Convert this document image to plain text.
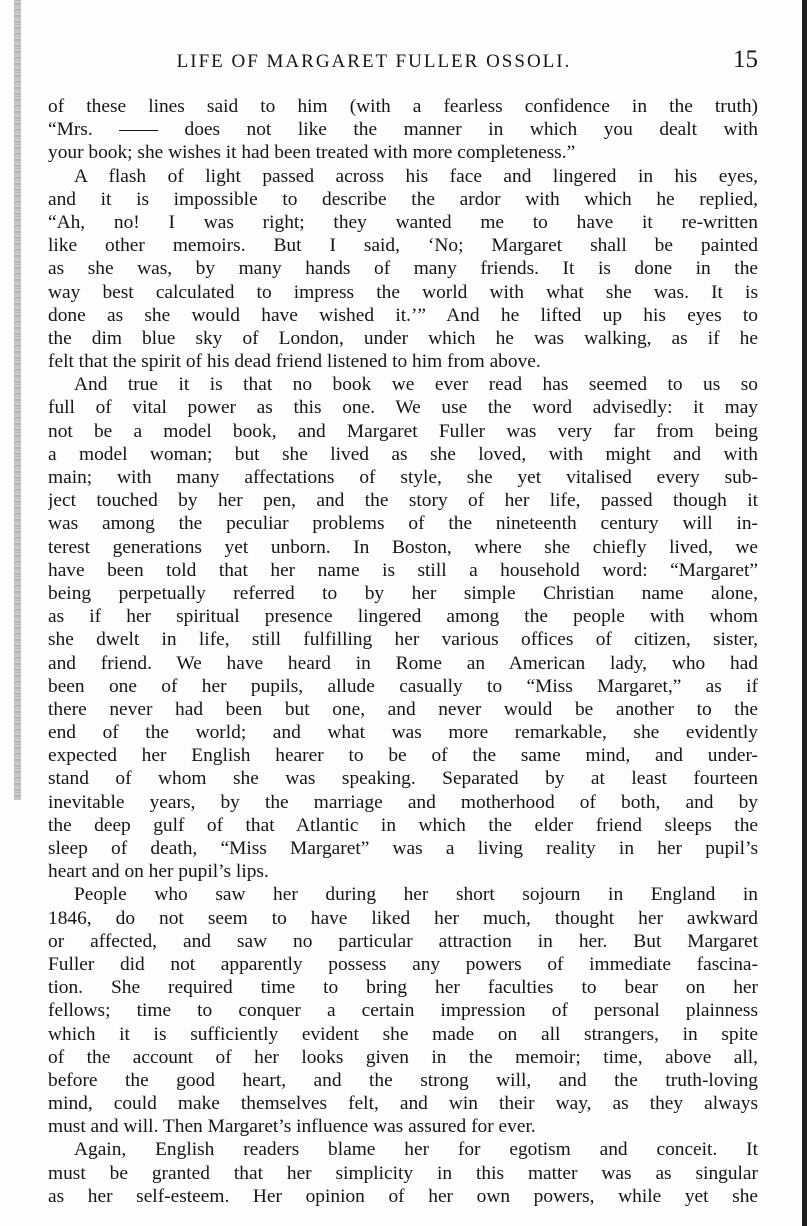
LIFE OF MARGARET FULLER OSSOLI.	15
of these lines said to him (with a fearless confidence in the truth)
“Mrs. —— does not like the manner in which you dealt with
your book; she wishes it had been treated with more completeness.”
A flash of light passed across his face and lingered in his eyes,
and it is impossible to describe the ardor with which he replied,
“Ah, no! I was right; they wanted me to have it re-written
like other memoirs. But I said, ‘No; Margaret shall be painted
as she was, by many hands of many friends. It is done in the
way best calculated to impress the world with what she was. It is
done as she would have wished it.’” And he lifted up his eyes to
the dim blue sky of London, under which he was walking, as if he
felt that the spirit of his dead friend listened to him from above.
And true it is that no book we ever read has seemed to us so
full of vital power as this one. We use the word advisedly: it may
not be a model book, and Margaret Fuller was very far from being
a model woman; but she lived as she loved, with might and with
main; with many affectations of style, she yet vitalised every sub-
ject touched by her pen, and the story of her life, passed though it
was among the peculiar problems of the nineteenth century will in-
terest generations yet unborn. In Boston, where she chiefly lived, we
have been told that her name is still a household word: “Margaret”
being perpetually referred to by her simple Christian name alone,
as if her spiritual presence lingered among the people with whom
she dwelt in life, still fulfilling her various offices of citizen, sister,
and friend. We have heard in Rome an American lady, who had
been one of her pupils, allude casually to “Miss Margaret,” as if
there never had been but one, and never would be another to the
end of the world; and what was more remarkable, she evidently
expected her English hearer to be of the same mind, and under-
stand of whom she was speaking. Separated by at least fourteen
inevitable years, by the marriage and motherhood of both, and by
the deep gulf of that Atlantic in which the elder friend sleeps the
sleep of death, “Miss Margaret” was a living reality in her pupil’s
heart and on her pupil’s lips.
People who saw her during her short sojourn in England in
1846, do not seem to have liked her much, thought her awkward
or affected, and saw no particular attraction in her. But Margaret
Fuller did not apparently possess any powers of immediate fascina-
tion. She required time to bring her faculties to bear on her
fellows; time to conquer a certain impression of personal plainness
which it is sufficiently evident she made on all strangers, in spite
of the account of her looks given in the memoir; time, above all,
before the good heart, and the strong will, and the truth-loving
mind, could make themselves felt, and win their way, as they always
must and will. Then Margaret’s influence was assured for ever.
Again, English readers blame her for egotism and conceit. It
must be granted that her simplicity in this matter was as singular
as her self-esteem. Her opinion of her own powers, while yet she
